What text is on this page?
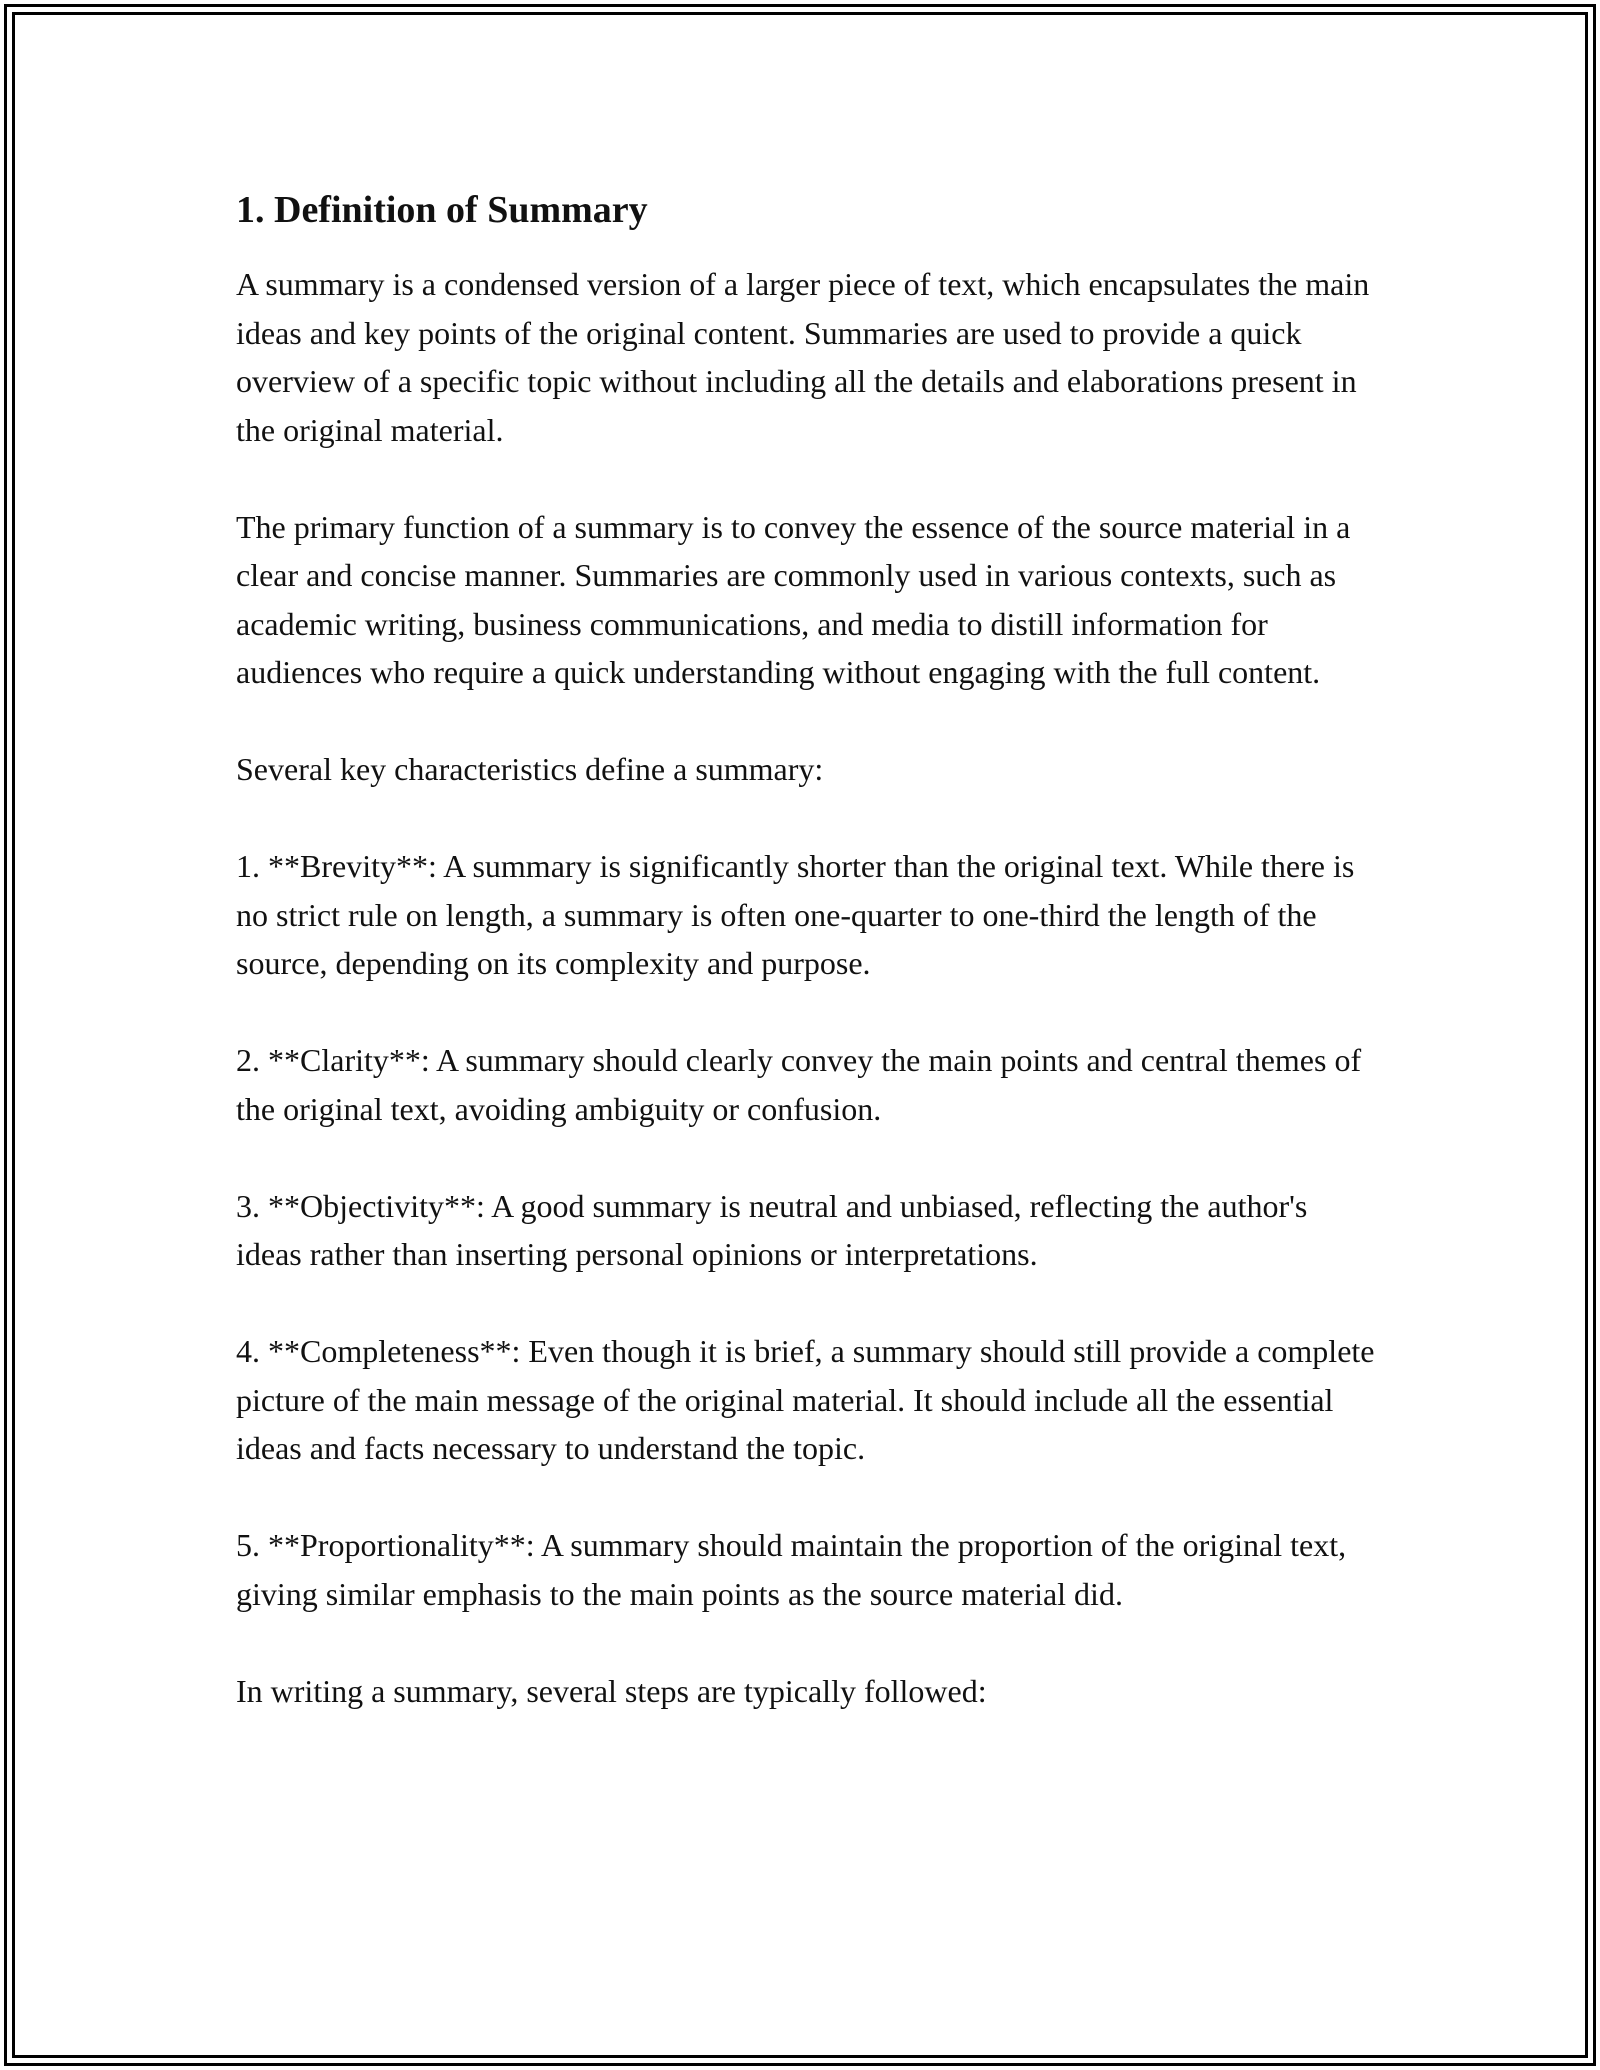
1. Definition of Summary

A summary is a condensed version of a larger piece of text, which encapsulates the main ideas and key points of the original content. Summaries are used to provide a quick overview of a specific topic without including all the details and elaborations present in the original material.

The primary function of a summary is to convey the essence of the source material in a clear and concise manner. Summaries are commonly used in various contexts, such as academic writing, business communications, and media to distill information for audiences who require a quick understanding without engaging with the full content.

Several key characteristics define a summary:

1. **Brevity**: A summary is significantly shorter than the original text. While there is no strict rule on length, a summary is often one-quarter to one-third the length of the source, depending on its complexity and purpose.

2. **Clarity**: A summary should clearly convey the main points and central themes of the original text, avoiding ambiguity or confusion.

3. **Objectivity**: A good summary is neutral and unbiased, reflecting the author's ideas rather than inserting personal opinions or interpretations.

4. **Completeness**: Even though it is brief, a summary should still provide a complete picture of the main message of the original material. It should include all the essential ideas and facts necessary to understand the topic.

5. **Proportionality**: A summary should maintain the proportion of the original text, giving similar emphasis to the main points as the source material did.

In writing a summary, several steps are typically followed:
